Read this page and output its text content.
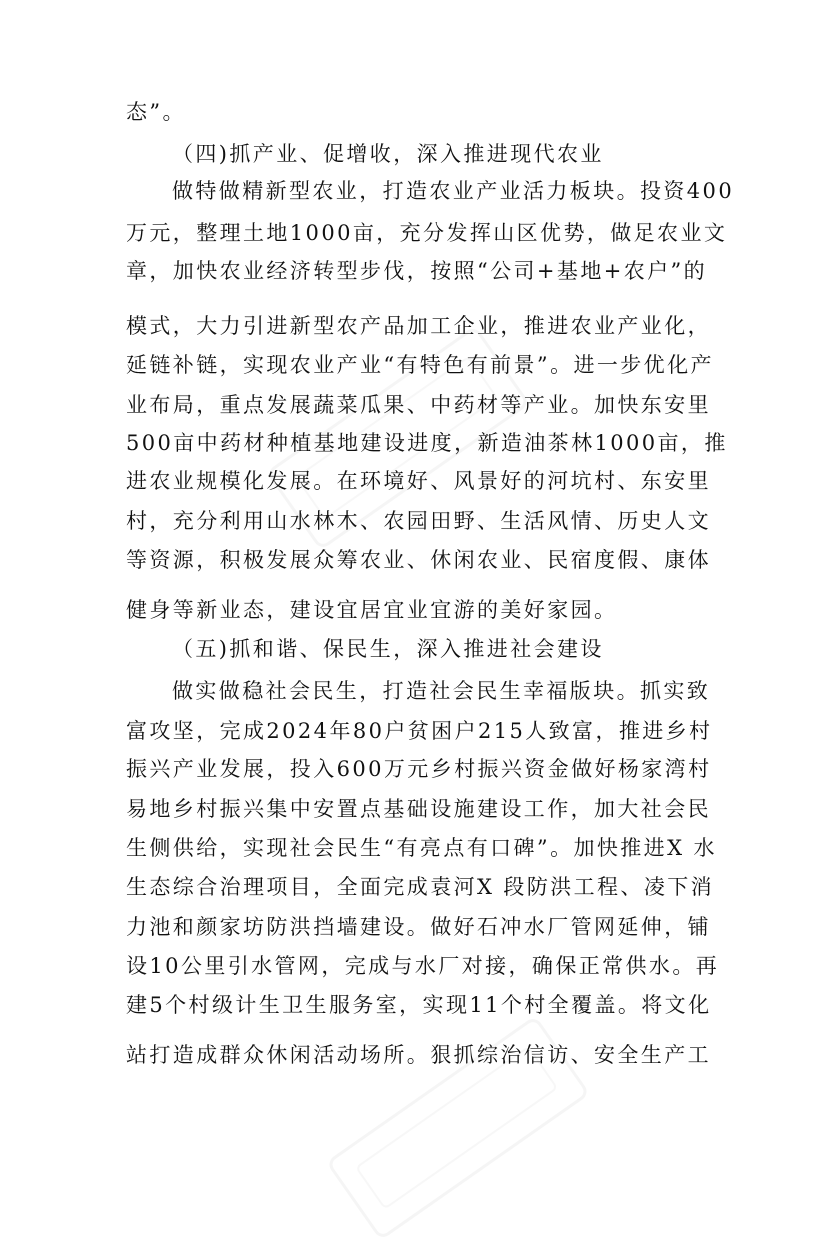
态”。
（四)抓产业、促增收，深入推进现代农业
做特做精新型农业，打造农业产业活力板块。投资400
万元，整理土地1000亩，充分发挥山区优势，做足农业文
章，加快农业经济转型步伐，按照“公司+基地+农户”的
模式，大力引进新型农产品加工企业，推进农业产业化，
延链补链，实现农业产业“有特色有前景”。进一步优化产
业布局，重点发展蔬菜瓜果、中药材等产业。加快东安里
500亩中药材种植基地建设进度，新造油茶林1000亩，推
进农业规模化发展。在环境好、风景好的河坑村、东安里
村，充分利用山水林木、农园田野、生活风情、历史人文
等资源，积极发展众筹农业、休闲农业、民宿度假、康体
健身等新业态，建设宜居宜业宜游的美好家园。
（五)抓和谐、保民生，深入推进社会建设
做实做稳社会民生，打造社会民生幸福版块。抓实致
富攻坚，完成2024年80户贫困户215人致富，推进乡村
振兴产业发展，投入600万元乡村振兴资金做好杨家湾村
易地乡村振兴集中安置点基础设施建设工作，加大社会民
生侧供给，实现社会民生“有亮点有口碑”。加快推进X 水
生态综合治理项目，全面完成袁河X 段防洪工程、凌下消
力池和颜家坊防洪挡墙建设。做好石冲水厂管网延伸，铺
设10公里引水管网，完成与水厂对接，确保正常供水。再
建5个村级计生卫生服务室，实现11个村全覆盖。将文化
站打造成群众休闲活动场所。狠抓综治信访、安全生产工
